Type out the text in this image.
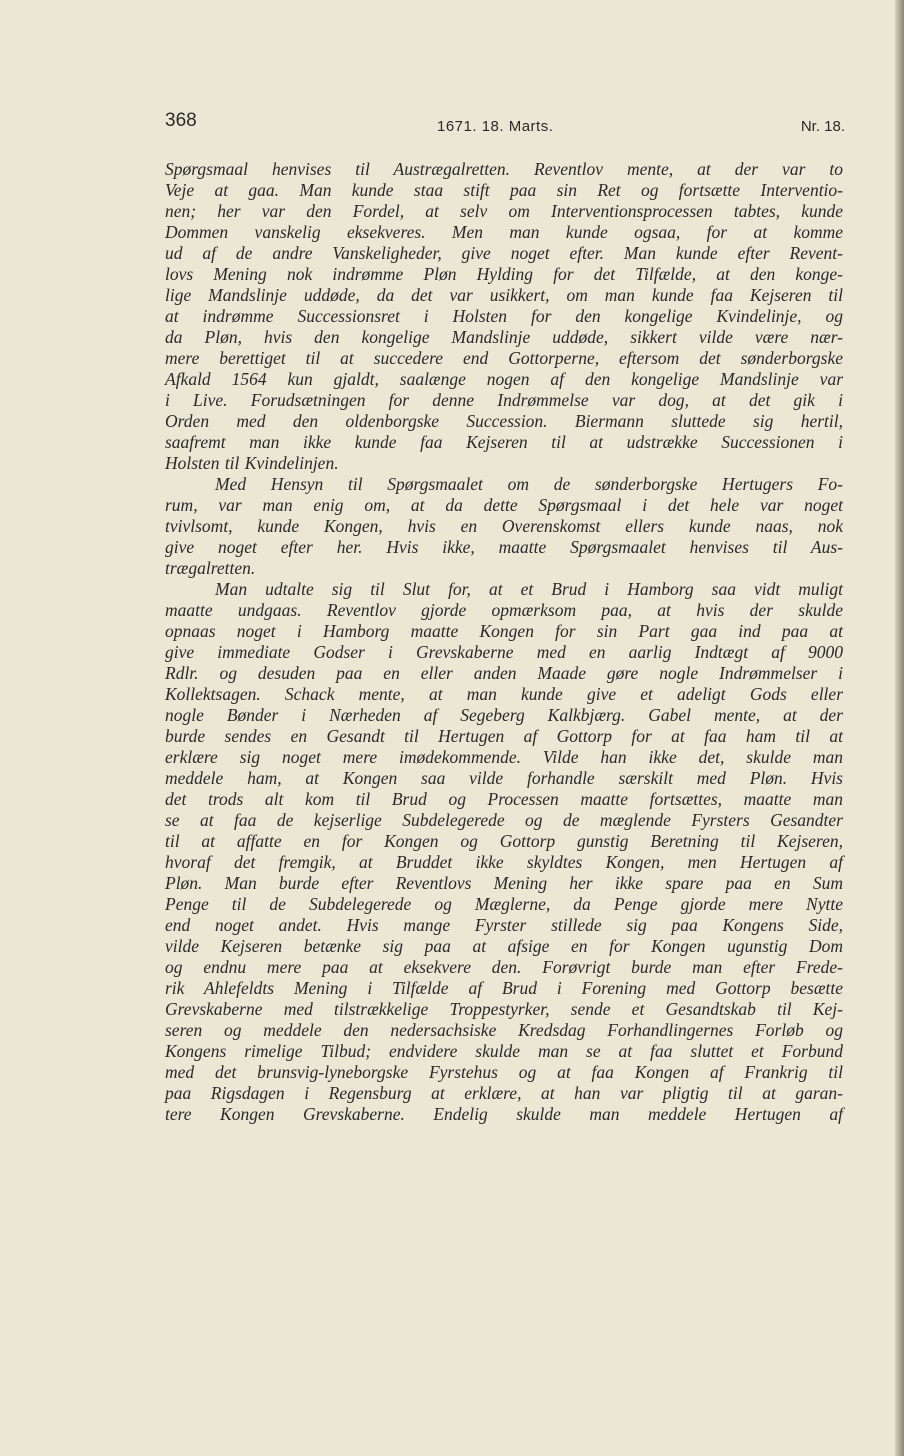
368	1671. 18. Marts.	Nr. 18.
Spørgsmaal henvises til Austrægalretten. Reventlov mente, at der var to
Veje at gaa. Man kunde staa stift paa sin Ret og fortsætte Interventio-
nen; her var den Fordel, at selv om Interventionsprocessen tabtes, kunde
Dommen vanskelig eksekveres. Men man kunde ogsaa, for at komme
ud af de andre Vanskeligheder, give noget efter. Man kunde efter Revent-
lovs Mening nok indrømme Pløn Hylding for det Tilfælde, at den konge-
lige Mandslinje uddøde, da det var usikkert, om man kunde faa Kejseren til
at indrømme Successionsret i Holsten for den kongelige Kvindelinje, og
da Pløn, hvis den kongelige Mandslinje uddøde, sikkert vilde være nær-
mere berettiget til at succedere end Gottorperne, eftersom det sønderborgske
Afkald 1564 kun gjaldt, saalænge nogen af den kongelige Mandslinje var
i Live. Forudsætningen for denne Indrømmelse var dog, at det gik i
Orden med den oldenborgske Succession. Biermann sluttede sig hertil,
saafremt man ikke kunde faa Kejseren til at udstrække Successionen i
Holsten til Kvindelinjen.
Med Hensyn til Spørgsmaalet om de sønderborgske Hertugers Fo-
rum, var man enig om, at da dette Spørgsmaal i det hele var noget
tvivlsomt, kunde Kongen, hvis en Overenskomst ellers kunde naas, nok
give noget efter her. Hvis ikke, maatte Spørgsmaalet henvises til Aus-
trægalretten.
Man udtalte sig til Slut for, at et Brud i Hamborg saa vidt muligt
maatte undgaas. Reventlov gjorde opmærksom paa, at hvis der skulde
opnaas noget i Hamborg maatte Kongen for sin Part gaa ind paa at
give immediate Godser i Grevskaberne med en aarlig Indtægt af 9000
Rdlr. og desuden paa en eller anden Maade gøre nogle Indrømmelser i
Kollektsagen. Schack mente, at man kunde give et adeligt Gods eller
nogle Bønder i Nærheden af Segeberg Kalkbjærg. Gabel mente, at der
burde sendes en Gesandt til Hertugen af Gottorp for at faa ham til at
erklære sig noget mere imødekommende. Vilde han ikke det, skulde man
meddele ham, at Kongen saa vilde forhandle særskilt med Pløn. Hvis
det trods alt kom til Brud og Processen maatte fortsættes, maatte man
se at faa de kejserlige Subdelegerede og de mæglende Fyrsters Gesandter
til at affatte en for Kongen og Gottorp gunstig Beretning til Kejseren,
hvoraf det fremgik, at Bruddet ikke skyldtes Kongen, men Hertugen af
Pløn. Man burde efter Reventlovs Mening her ikke spare paa en Sum
Penge til de Subdelegerede og Mæglerne, da Penge gjorde mere Nytte
end noget andet. Hvis mange Fyrster stillede sig paa Kongens Side,
vilde Kejseren betænke sig paa at afsige en for Kongen ugunstig Dom
og endnu mere paa at eksekvere den. Forøvrigt burde man efter Frede-
rik Ahlefeldts Mening i Tilfælde af Brud i Forening med Gottorp besætte
Grevskaberne med tilstrækkelige Troppestyrker, sende et Gesandtskab til Kej-
seren og meddele den nedersachsiske Kredsdag Forhandlingernes Forløb og
Kongens rimelige Tilbud; endvidere skulde man se at faa sluttet et Forbund
med det brunsvig-lyneborgske Fyrstehus og at faa Kongen af Frankrig til
paa Rigsdagen i Regensburg at erklære, at han var pligtig til at garan-
tere Kongen Grevskaberne. Endelig skulde man meddele Hertugen af
